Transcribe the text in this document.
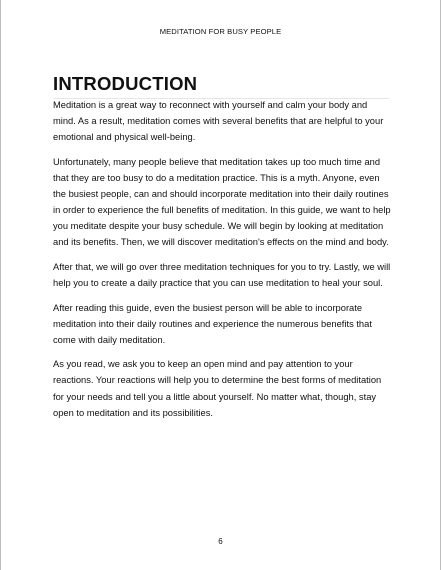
MEDITATION FOR BUSY PEOPLE
INTRODUCTION

Meditation is a great way to reconnect with yourself and calm your body and mind. As a result, meditation comes with several benefits that are helpful to your emotional and physical well-being.

Unfortunately, many people believe that meditation takes up too much time and that they are too busy to do a meditation practice. This is a myth. Anyone, even the busiest people, can and should incorporate meditation into their daily routines in order to experience the full benefits of meditation. In this guide, we want to help you meditate despite your busy schedule. We will begin by looking at meditation and its benefits. Then, we will discover meditation's effects on the mind and body.

After that, we will go over three meditation techniques for you to try. Lastly, we will help you to create a daily practice that you can use meditation to heal your soul.

After reading this guide, even the busiest person will be able to incorporate meditation into their daily routines and experience the numerous benefits that come with daily meditation.

As you read, we ask you to keep an open mind and pay attention to your reactions. Your reactions will help you to determine the best forms of meditation for your needs and tell you a little about yourself. No matter what, though, stay open to meditation and its possibilities.

6
